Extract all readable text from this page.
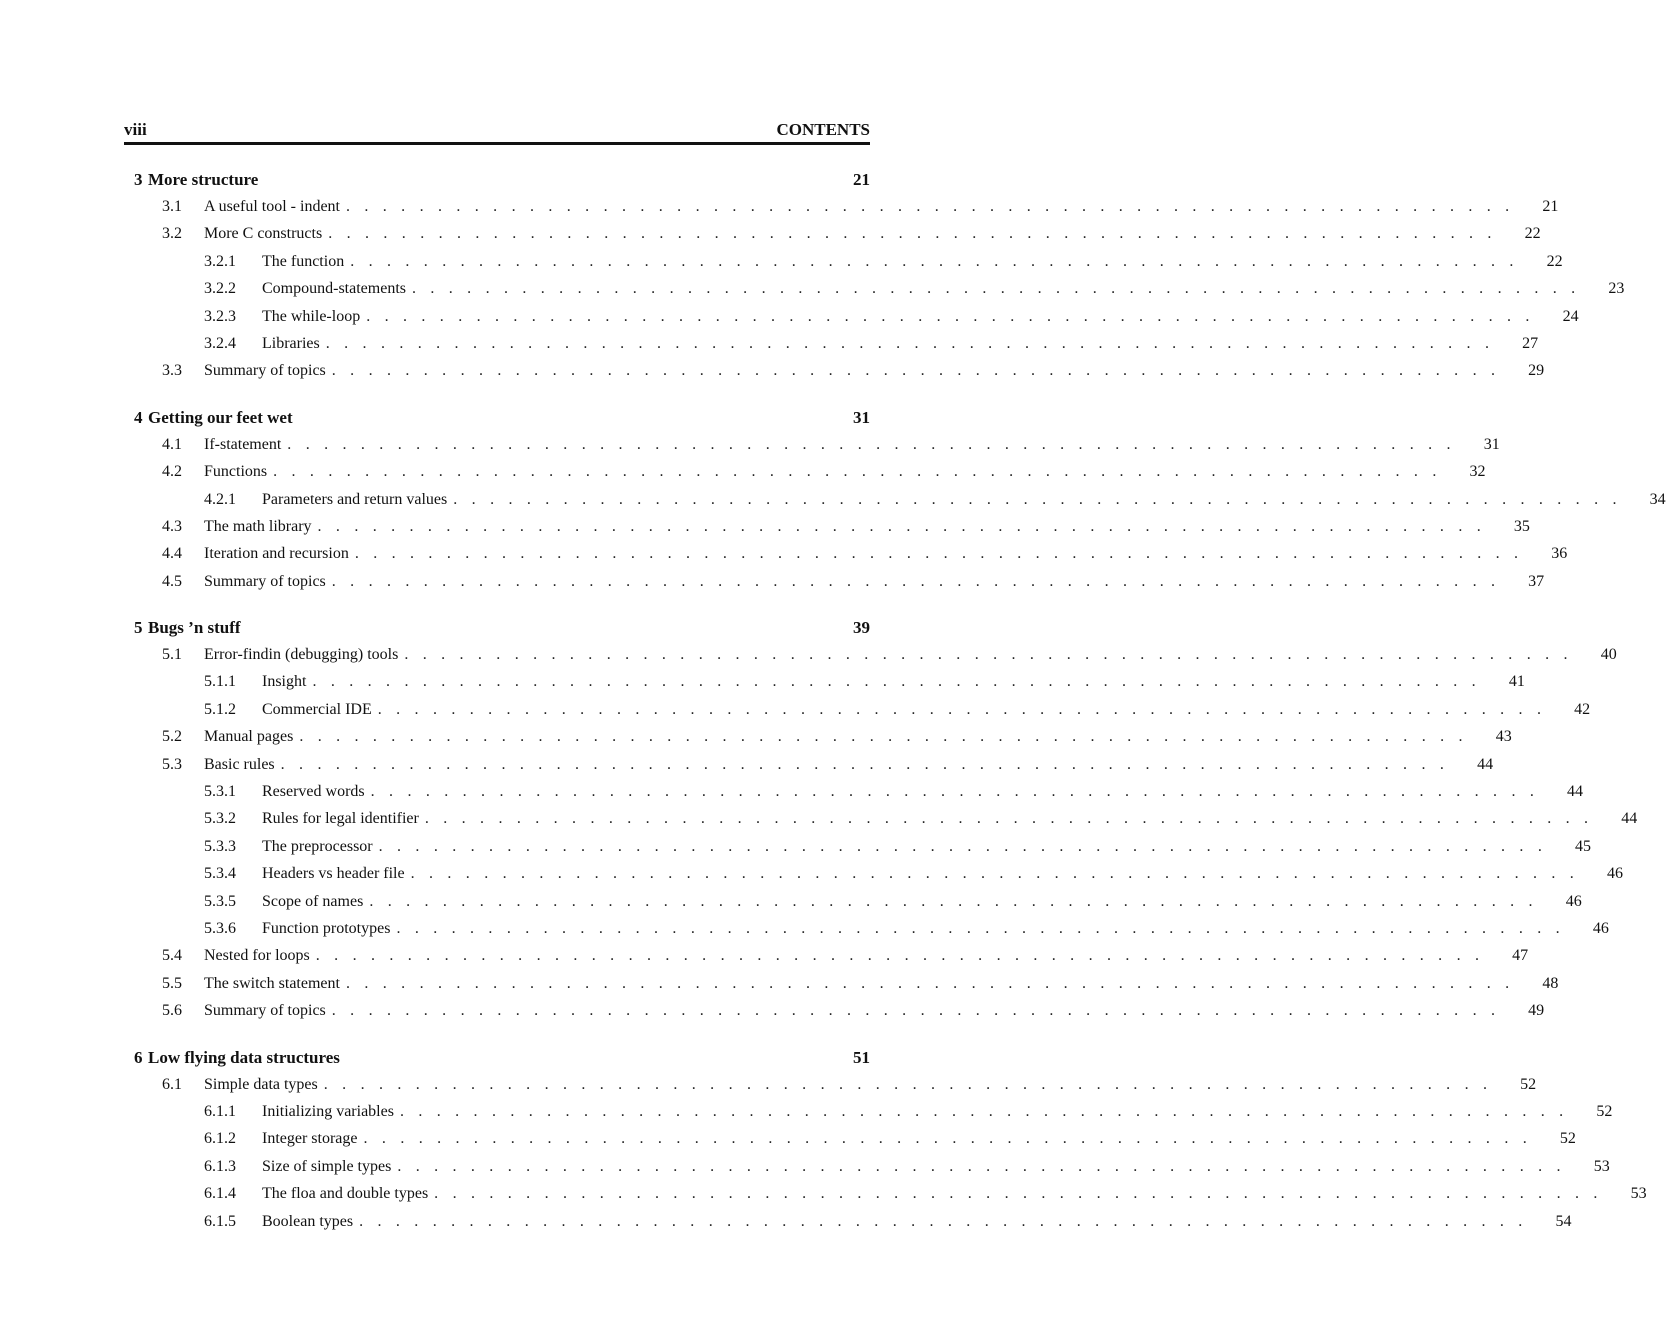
viii	CONTENTS
3 More structure	21
3.1	A useful tool - indent . . . . . . . . . . . . . . . . . . . . . . . . . . . . . . . . . . . . . . . . . . . . . . . . . . . . . . . . . . . . . . . .	21
3.2	More C constructs . . . . . . . . . . . . . . . . . . . . . . . . . . . . . . . . . . . . . . . . . . . . . . . . . . . . . . . . . . . . . . . .	22
3.2.1	The function . . . . . . . . . . . . . . . . . . . . . . . . . . . . . . . . . . . . . . . . . . . . . . . . . . . . . . . . . . . . . . . .	22
3.2.2	Compound-statements . . . . . . . . . . . . . . . . . . . . . . . . . . . . . . . . . . . . . . . . . . . . . . . . . . . . . . . . . . . . . . . .	23
3.2.3	The while-loop . . . . . . . . . . . . . . . . . . . . . . . . . . . . . . . . . . . . . . . . . . . . . . . . . . . . . . . . . . . . . . . .	24
3.2.4	Libraries . . . . . . . . . . . . . . . . . . . . . . . . . . . . . . . . . . . . . . . . . . . . . . . . . . . . . . . . . . . . . . . .	27
3.3	Summary of topics . . . . . . . . . . . . . . . . . . . . . . . . . . . . . . . . . . . . . . . . . . . . . . . . . . . . . . . . . . . . . . . .	29
4 Getting our feet wet	31
4.1	If-statement . . . . . . . . . . . . . . . . . . . . . . . . . . . . . . . . . . . . . . . . . . . . . . . . . . . . . . . . . . . . . . . .	31
4.2	Functions . . . . . . . . . . . . . . . . . . . . . . . . . . . . . . . . . . . . . . . . . . . . . . . . . . . . . . . . . . . . . . . .	32
4.2.1	Parameters and return values . . . . . . . . . . . . . . . . . . . . . . . . . . . . . . . . . . . . . . . . . . . . . . . . . . . . . . . . . . . . . . . .	34
4.3	The math library . . . . . . . . . . . . . . . . . . . . . . . . . . . . . . . . . . . . . . . . . . . . . . . . . . . . . . . . . . . . . . . .	35
4.4	Iteration and recursion . . . . . . . . . . . . . . . . . . . . . . . . . . . . . . . . . . . . . . . . . . . . . . . . . . . . . . . . . . . . . . . .	36
4.5	Summary of topics . . . . . . . . . . . . . . . . . . . . . . . . . . . . . . . . . . . . . . . . . . . . . . . . . . . . . . . . . . . . . . . .	37
5 Bugs ’n stuff	39
5.1	Error-findin (debugging) tools . . . . . . . . . . . . . . . . . . . . . . . . . . . . . . . . . . . . . . . . . . . . . . . . . . . . . . . . . . . . . . . .	40
5.1.1	Insight . . . . . . . . . . . . . . . . . . . . . . . . . . . . . . . . . . . . . . . . . . . . . . . . . . . . . . . . . . . . . . . .	41
5.1.2	Commercial IDE . . . . . . . . . . . . . . . . . . . . . . . . . . . . . . . . . . . . . . . . . . . . . . . . . . . . . . . . . . . . . . . .	42
5.2	Manual pages . . . . . . . . . . . . . . . . . . . . . . . . . . . . . . . . . . . . . . . . . . . . . . . . . . . . . . . . . . . . . . . .	43
5.3	Basic rules . . . . . . . . . . . . . . . . . . . . . . . . . . . . . . . . . . . . . . . . . . . . . . . . . . . . . . . . . . . . . . . .	44
5.3.1	Reserved words . . . . . . . . . . . . . . . . . . . . . . . . . . . . . . . . . . . . . . . . . . . . . . . . . . . . . . . . . . . . . . . .	44
5.3.2	Rules for legal identifier . . . . . . . . . . . . . . . . . . . . . . . . . . . . . . . . . . . . . . . . . . . . . . . . . . . . . . . . . . . . . . . .	44
5.3.3	The preprocessor . . . . . . . . . . . . . . . . . . . . . . . . . . . . . . . . . . . . . . . . . . . . . . . . . . . . . . . . . . . . . . . .	45
5.3.4	Headers vs header file . . . . . . . . . . . . . . . . . . . . . . . . . . . . . . . . . . . . . . . . . . . . . . . . . . . . . . . . . . . . . . . .	46
5.3.5	Scope of names . . . . . . . . . . . . . . . . . . . . . . . . . . . . . . . . . . . . . . . . . . . . . . . . . . . . . . . . . . . . . . . .	46
5.3.6	Function prototypes . . . . . . . . . . . . . . . . . . . . . . . . . . . . . . . . . . . . . . . . . . . . . . . . . . . . . . . . . . . . . . . .	46
5.4	Nested for loops . . . . . . . . . . . . . . . . . . . . . . . . . . . . . . . . . . . . . . . . . . . . . . . . . . . . . . . . . . . . . . . .	47
5.5	The switch statement . . . . . . . . . . . . . . . . . . . . . . . . . . . . . . . . . . . . . . . . . . . . . . . . . . . . . . . . . . . . . . . .	48
5.6	Summary of topics . . . . . . . . . . . . . . . . . . . . . . . . . . . . . . . . . . . . . . . . . . . . . . . . . . . . . . . . . . . . . . . .	49
6 Low flying data structures	51
6.1	Simple data types . . . . . . . . . . . . . . . . . . . . . . . . . . . . . . . . . . . . . . . . . . . . . . . . . . . . . . . . . . . . . . . .	52
6.1.1	Initializing variables . . . . . . . . . . . . . . . . . . . . . . . . . . . . . . . . . . . . . . . . . . . . . . . . . . . . . . . . . . . . . . . .	52
6.1.2	Integer storage . . . . . . . . . . . . . . . . . . . . . . . . . . . . . . . . . . . . . . . . . . . . . . . . . . . . . . . . . . . . . . . .	52
6.1.3	Size of simple types . . . . . . . . . . . . . . . . . . . . . . . . . . . . . . . . . . . . . . . . . . . . . . . . . . . . . . . . . . . . . . . .	53
6.1.4	The floa and double types . . . . . . . . . . . . . . . . . . . . . . . . . . . . . . . . . . . . . . . . . . . . . . . . . . . . . . . . . . . . . . . .	53
6.1.5	Boolean types . . . . . . . . . . . . . . . . . . . . . . . . . . . . . . . . . . . . . . . . . . . . . . . . . . . . . . . . . . . . . . . .	54
